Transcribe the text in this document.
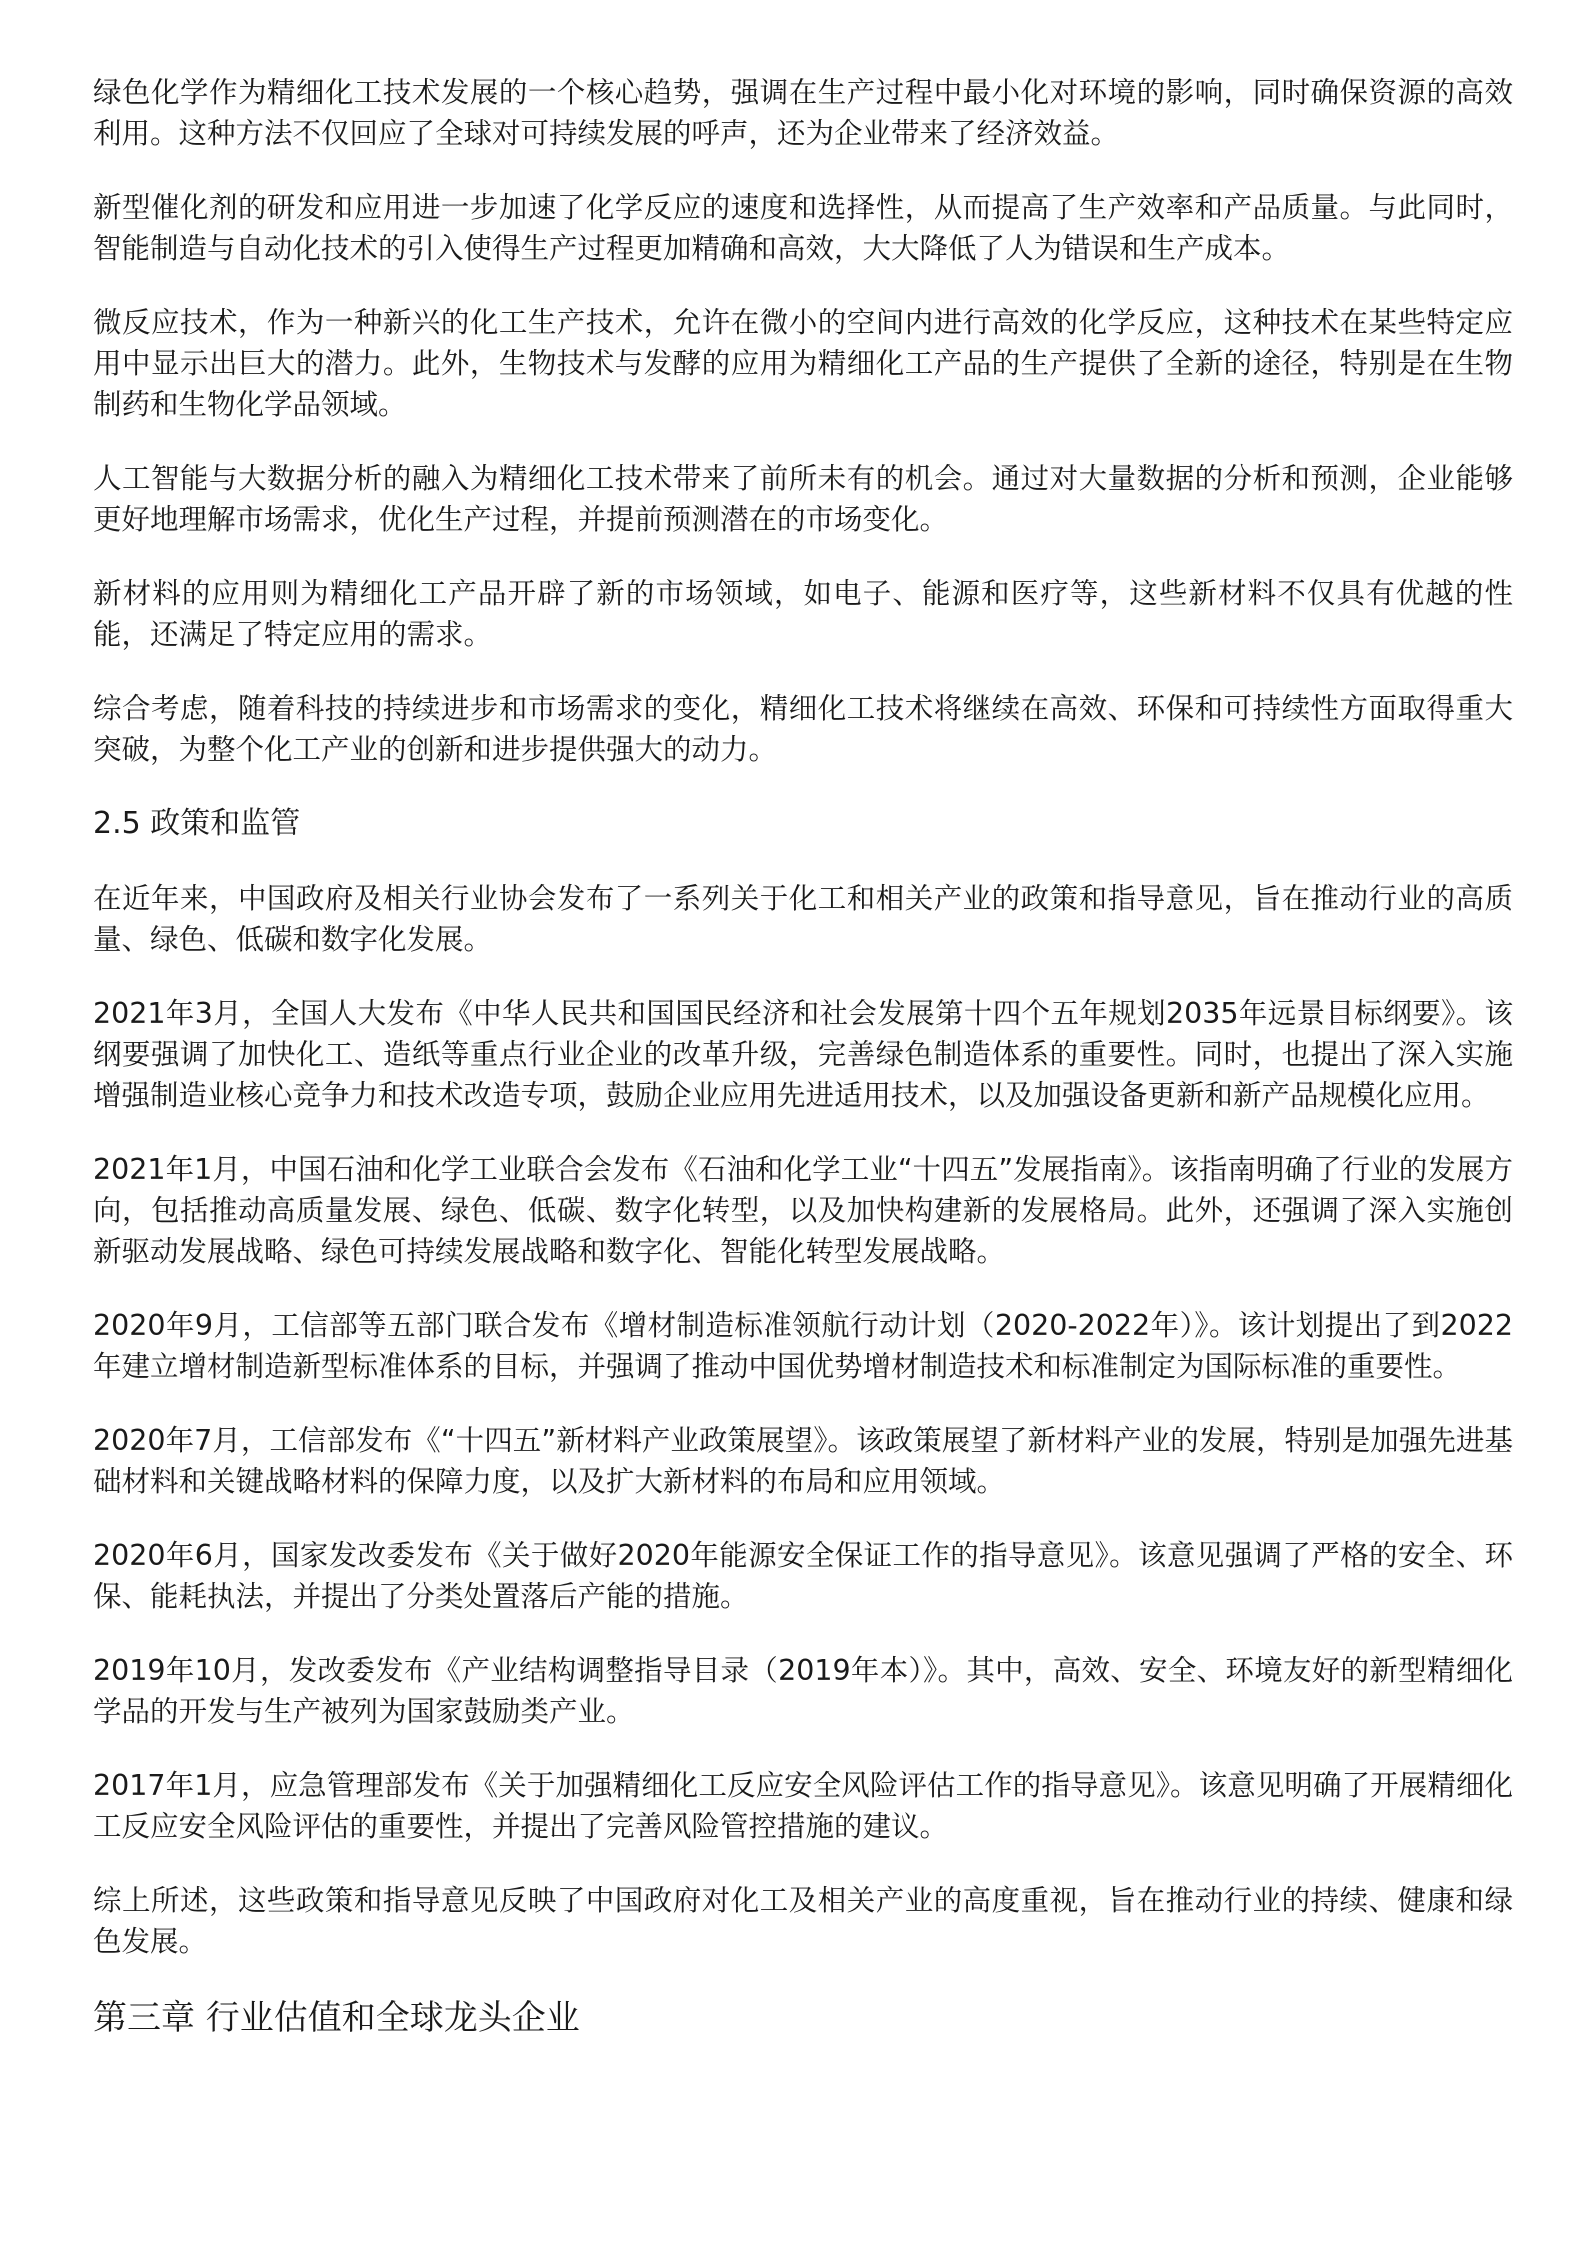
绿色化学作为精细化工技术发展的一个核心趋势，强调在生产过程中最小化对环境的影响，同时确保资源的高效利用。这种方法不仅回应了全球对可持续发展的呼声，还为企业带来了经济效益。

新型催化剂的研发和应用进一步加速了化学反应的速度和选择性，从而提高了生产效率和产品质量。与此同时，智能制造与自动化技术的引入使得生产过程更加精确和高效，大大降低了人为错误和生产成本。

微反应技术，作为一种新兴的化工生产技术，允许在微小的空间内进行高效的化学反应，这种技术在某些特定应用中显示出巨大的潜力。此外，生物技术与发酵的应用为精细化工产品的生产提供了全新的途径，特别是在生物制药和生物化学品领域。

人工智能与大数据分析的融入为精细化工技术带来了前所未有的机会。通过对大量数据的分析和预测，企业能够更好地理解市场需求，优化生产过程，并提前预测潜在的市场变化。

新材料的应用则为精细化工产品开辟了新的市场领域，如电子、能源和医疗等，这些新材料不仅具有优越的性能，还满足了特定应用的需求。

综合考虑，随着科技的持续进步和市场需求的变化，精细化工技术将继续在高效、环保和可持续性方面取得重大突破，为整个化工产业的创新和进步提供强大的动力。

2.5 政策和监管

在近年来，中国政府及相关行业协会发布了一系列关于化工和相关产业的政策和指导意见，旨在推动行业的高质量、绿色、低碳和数字化发展。

2021年3月，全国人大发布《中华人民共和国国民经济和社会发展第十四个五年规划2035年远景目标纲要》。该纲要强调了加快化工、造纸等重点行业企业的改革升级，完善绿色制造体系的重要性。同时，也提出了深入实施增强制造业核心竞争力和技术改造专项，鼓励企业应用先进适用技术，以及加强设备更新和新产品规模化应用。

2021年1月，中国石油和化学工业联合会发布《石油和化学工业“十四五”发展指南》。该指南明确了行业的发展方向，包括推动高质量发展、绿色、低碳、数字化转型，以及加快构建新的发展格局。此外，还强调了深入实施创新驱动发展战略、绿色可持续发展战略和数字化、智能化转型发展战略。

2020年9月，工信部等五部门联合发布《增材制造标准领航行动计划（2020-2022年）》。该计划提出了到2022年建立增材制造新型标准体系的目标，并强调了推动中国优势增材制造技术和标准制定为国际标准的重要性。

2020年7月，工信部发布《“十四五”新材料产业政策展望》。该政策展望了新材料产业的发展，特别是加强先进基础材料和关键战略材料的保障力度，以及扩大新材料的布局和应用领域。

2020年6月，国家发改委发布《关于做好2020年能源安全保证工作的指导意见》。该意见强调了严格的安全、环保、能耗执法，并提出了分类处置落后产能的措施。

2019年10月，发改委发布《产业结构调整指导目录（2019年本）》。其中，高效、安全、环境友好的新型精细化学品的开发与生产被列为国家鼓励类产业。

2017年1月，应急管理部发布《关于加强精细化工反应安全风险评估工作的指导意见》。该意见明确了开展精细化工反应安全风险评估的重要性，并提出了完善风险管控措施的建议。

综上所述，这些政策和指导意见反映了中国政府对化工及相关产业的高度重视，旨在推动行业的持续、健康和绿色发展。

第三章 行业估值和全球龙头企业
